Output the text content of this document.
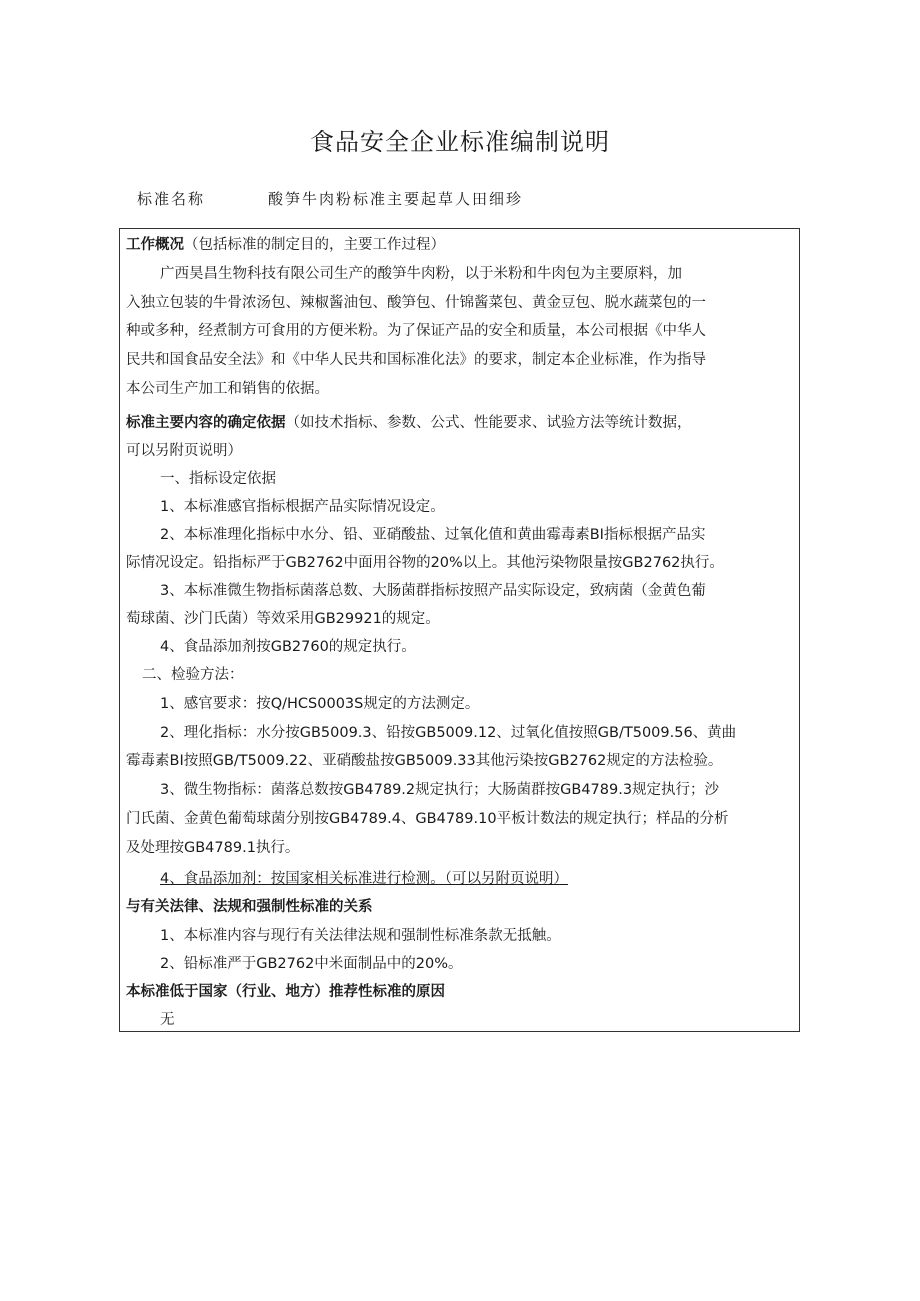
食品安全企业标准编制说明
标准名称	酸笋牛肉粉标准主要起草人田细珍
工作概况（包括标准的制定目的，主要工作过程）
广西昊昌生物科技有限公司生产的酸笋牛肉粉，以于米粉和牛肉包为主要原料，加
入独立包装的牛骨浓汤包、辣椒酱油包、酸笋包、什锦酱菜包、黄金豆包、脱水蔬菜包的一
种或多种，经煮制方可食用的方便米粉。为了保证产品的安全和质量，本公司根据《中华人
民共和国食品安全法》和《中华人民共和国标准化法》的要求，制定本企业标准，作为指导
本公司生产加工和销售的依据。
标准主要内容的确定依据（如技术指标、参数、公式、性能要求、试验方法等统计数据，
可以另附页说明）
一、指标设定依据
1、本标准感官指标根据产品实际情况设定。
2、本标准理化指标中水分、铅、亚硝酸盐、过氧化值和黄曲霉毒素BI指标根据产品实
际情况设定。铅指标严于GB2762中面用谷物的20%以上。其他污染物限量按GB2762执行。
3、本标准微生物指标菌落总数、大肠菌群指标按照产品实际设定，致病菌（金黄色葡
萄球菌、沙门氏菌）等效采用GB29921的规定。
4、食品添加剂按GB2760的规定执行。
二、检验方法：
1、感官要求：按Q/HCS0003S规定的方法测定。
2、理化指标：水分按GB5009.3、铅按GB5009.12、过氧化值按照GB/T5009.56、黄曲
霉毒素BI按照GB/T5009.22、亚硝酸盐按GB5009.33其他污染按GB2762规定的方法检验。
3、微生物指标：菌落总数按GB4789.2规定执行；大肠菌群按GB4789.3规定执行；沙
门氏菌、金黄色葡萄球菌分别按GB4789.4、GB4789.10平板计数法的规定执行；样品的分析
及处理按GB4789.1执行。
4、食品添加剂：按国家相关标准进行检测。（可以另附页说明）
与有关法律、法规和强制性标准的关系
1、本标准内容与现行有关法律法规和强制性标准条款无抵触。
2、铅标准严于GB2762中米面制品中的20%。
本标准低于国家（行业、地方）推荐性标准的原因
无
